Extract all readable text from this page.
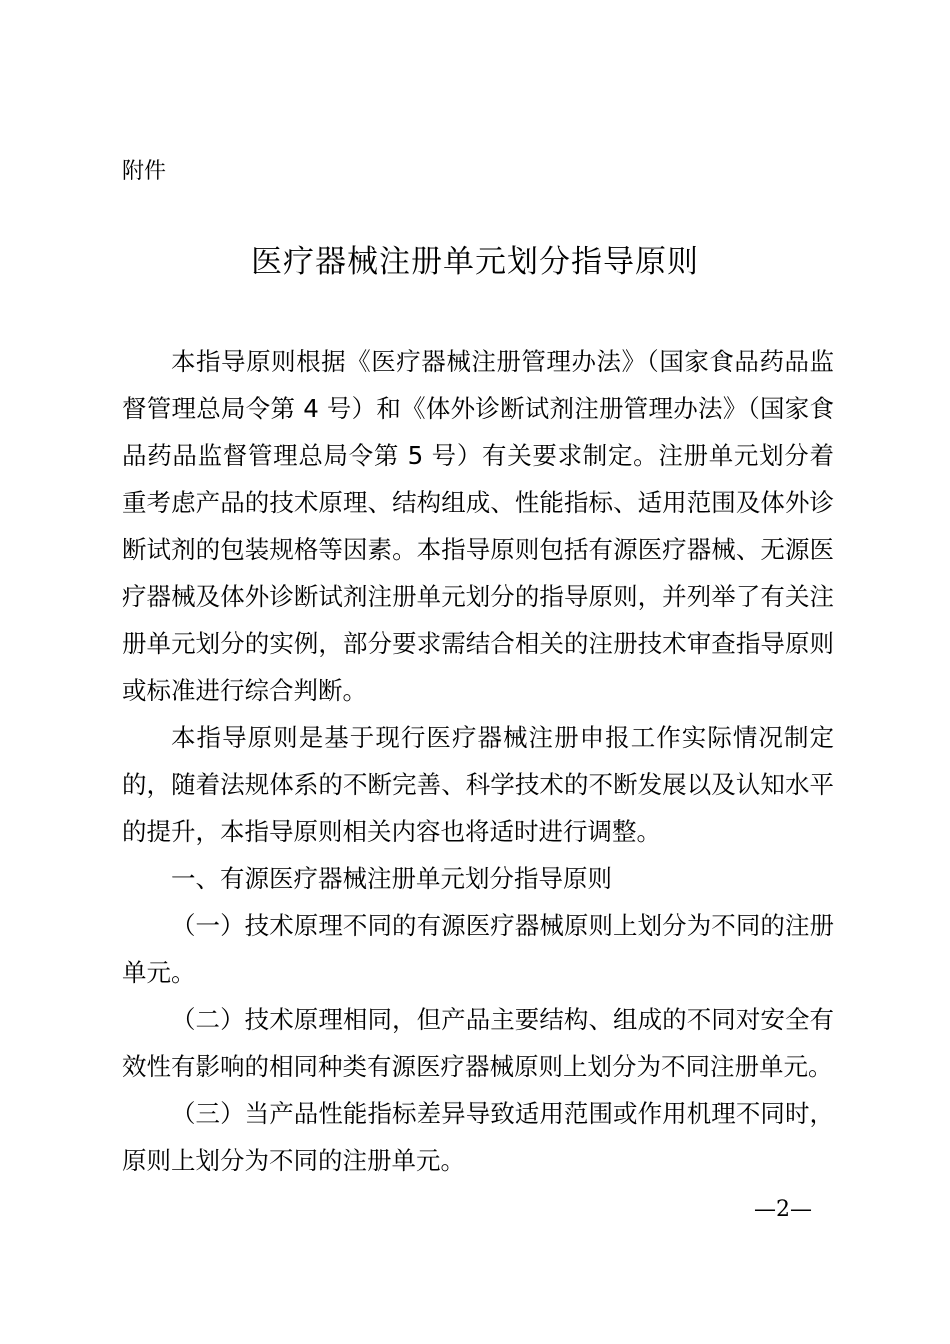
附件
医疗器械注册单元划分指导原则

本指导原则根据《医疗器械注册管理办法》（国家食品药品监督管理总局令第 4 号）和《体外诊断试剂注册管理办法》（国家食品药品监督管理总局令第 5 号）有关要求制定。注册单元划分着重考虑产品的技术原理、结构组成、性能指标、适用范围及体外诊断试剂的包装规格等因素。本指导原则包括有源医疗器械、无源医疗器械及体外诊断试剂注册单元划分的指导原则，并列举了有关注册单元划分的实例，部分要求需结合相关的注册技术审查指导原则或标准进行综合判断。

本指导原则是基于现行医疗器械注册申报工作实际情况制定的，随着法规体系的不断完善、科学技术的不断发展以及认知水平的提升，本指导原则相关内容也将适时进行调整。

一、有源医疗器械注册单元划分指导原则

（一）技术原理不同的有源医疗器械原则上划分为不同的注册单元。

（二）技术原理相同，但产品主要结构、组成的不同对安全有效性有影响的相同种类有源医疗器械原则上划分为不同注册单元。

（三）当产品性能指标差异导致适用范围或作用机理不同时，原则上划分为不同的注册单元。

—2—
